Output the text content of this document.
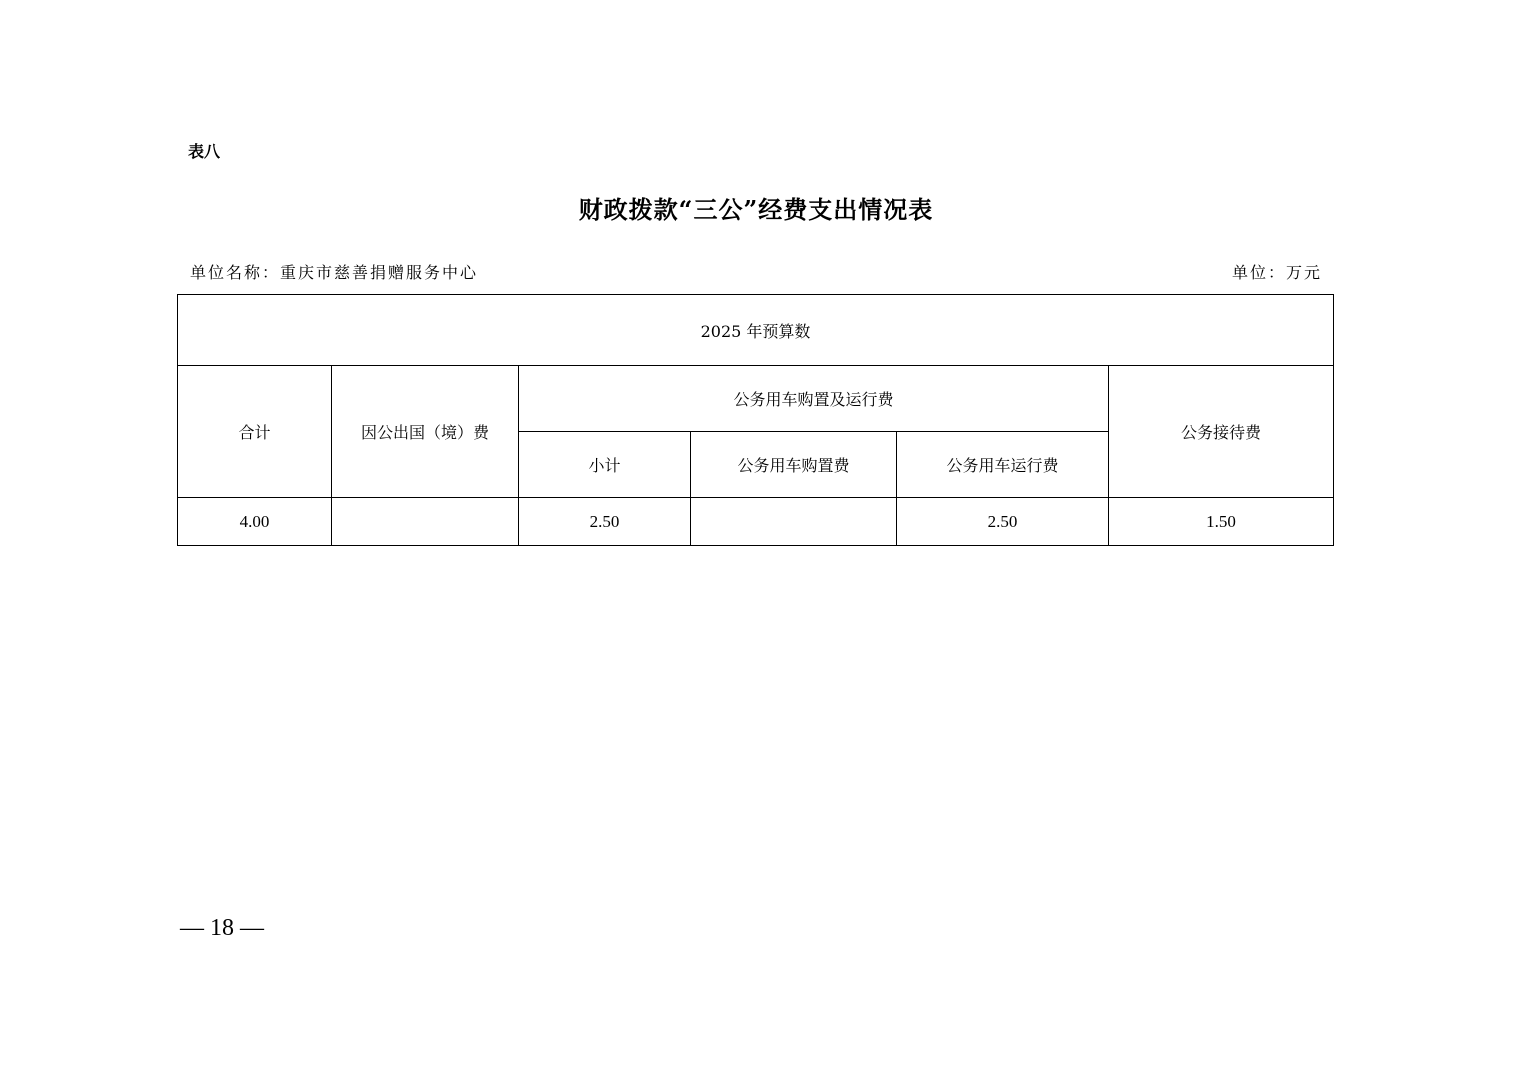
表八
财政拨款“三公”经费支出情况表
单位名称：重庆市慈善捐赠服务中心	单位：万元
2025 年预算数					
合计	因公出国（境）费	公务用车购置及运行费			公务接待费
		小计	公务用车购置费	公务用车运行费	
4.00		2.50		2.50	1.50
— 18 —
